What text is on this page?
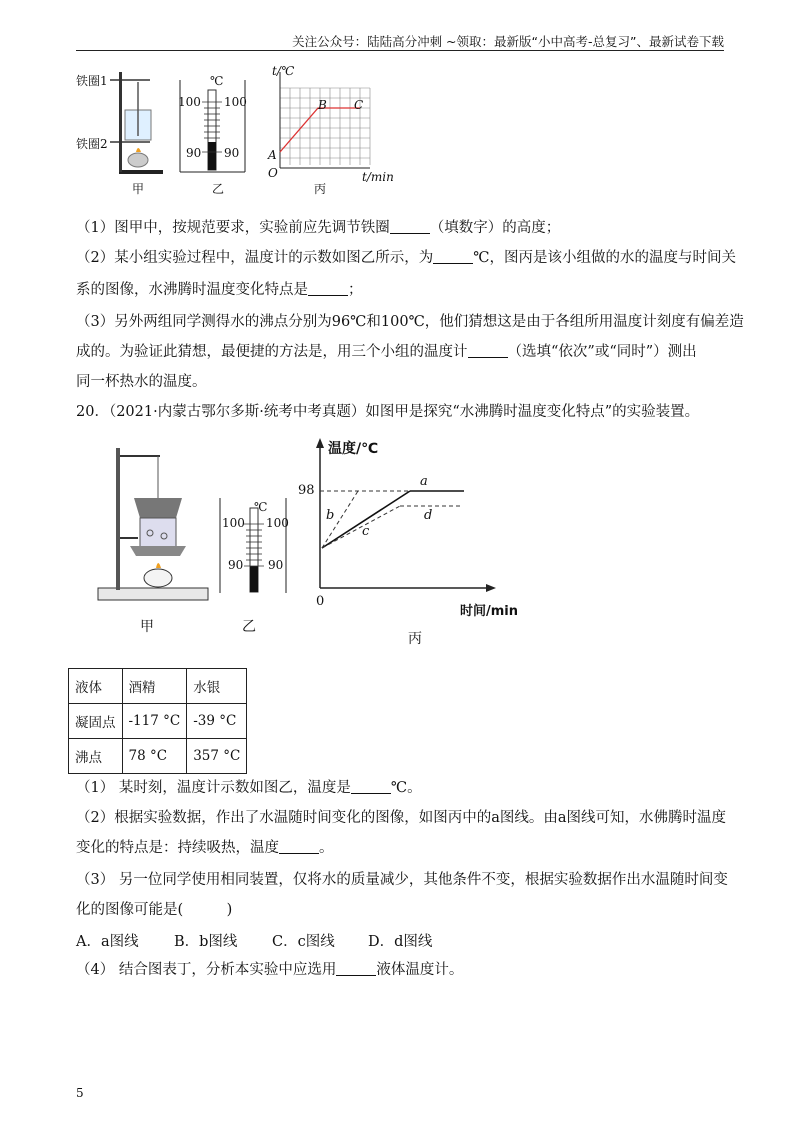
关注公众号：陆陆高分冲刺 ~领取：最新版“小中高考-总复习”、最新试卷下载
铁圈1
铁圈2
甲	乙	丙
℃
100 100
90 90
t/℃
t/min
O
A
B C
（1）图甲中，按规范要求，实验前应先调节铁圈	（填数字）的高度；
（2）某小组实验过程中，温度计的示数如图乙所示，为	℃，图丙是该小组做的水的温度与时间关
系的图像，水沸腾时温度变化特点是	；
（3）另外两组同学测得水的沸点分别为96℃和100℃，他们猜想这是由于各组所用温度计刻度有偏差造
成的。为验证此猜想，最便捷的方法是，用三个小组的温度计	（选填“依次”或“同时”）测出
同一杯热水的温度。
20．（2021·内蒙古鄂尔多斯·统考中考真题）如图甲是探究“水沸腾时温度变化特点”的实验装置。
甲
℃
100 100
90 90
乙
温度/℃
时间/min
0
98
a
b
c
d
丙
液体	酒精	水银
凝固点	-117 °C	-39 °C
沸点	78 °C	357 °C
（1） 某时刻，温度计示数如图乙，温度是	℃。
（2）根据实验数据，作出了水温随时间变化的图像，如图丙中的a图线。由a图线可知，水佛腾时温度
变化的特点是：持续吸热，温度	。
（3） 另一位同学使用相同装置，仅将水的质量减少，其他条件不变，根据实验数据作出水温随时间变
化的图像可能是(　　　)
A．a图线 B．b图线 C．c图线 D．d图线
（4） 结合图表丁，分析本实验中应选用	液体温度计。
5
